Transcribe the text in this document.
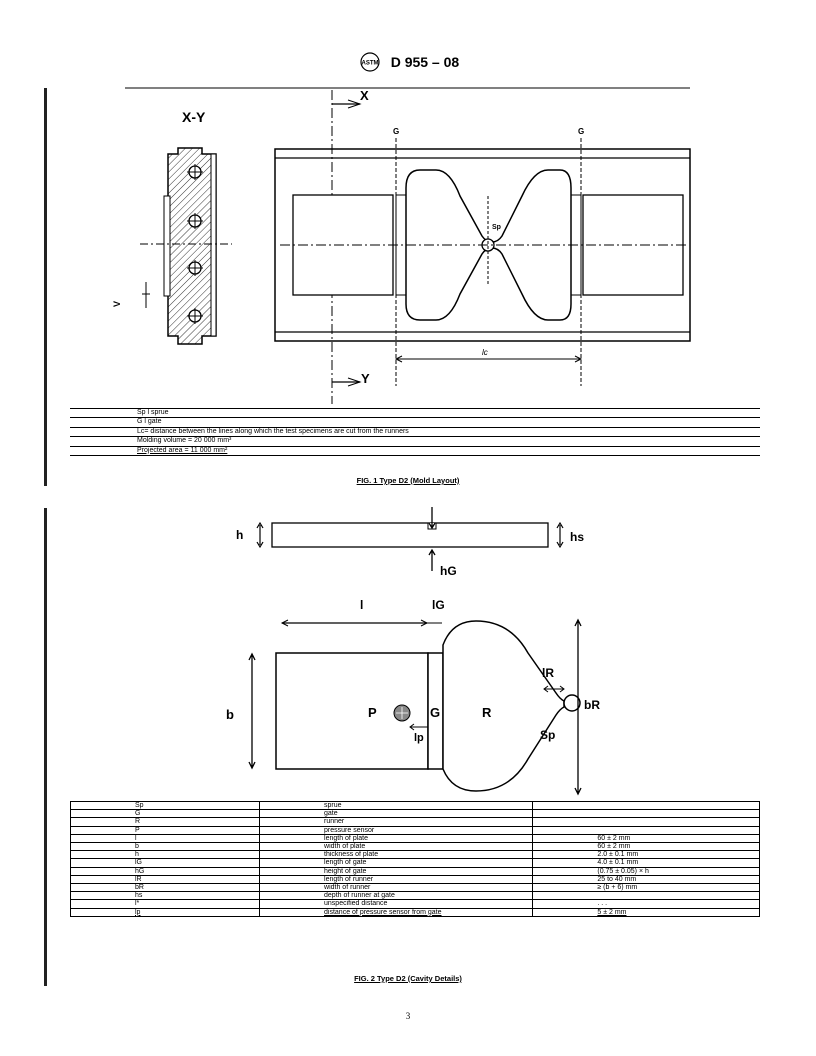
ASTM D 955 – 08
X-Y
X
Y
V
G	G
Sp
lc
Sp l sprue
G l gate
Lc= distance between the lines along which the test specimens are cut from the runners
Molding volume = 20 000 mm³
Projected area = 11 000 mm²
FIG. 1 Type D2 (Mold Layout)
h	hs
hG
l	lG
b
bR
P	G	R
lp
lR
Sp
Sp	sprue	
G	gate	
R	runner	
P	pressure sensor	
l	length of plate	60 ± 2 mm
b	width of plate	60 ± 2 mm
h	thickness of plate	2.0 ± 0.1 mm
lG	length of gate	4.0 ± 0.1 mm
hG	height of gate	(0.75 ± 0.05) × h
lR	length of runner	25 to 40 mm
bR	width of runner	≥ (b + 6) mm
hs	depth of runner at gate	
l*	unspecified distance	. . .
lp	distance of pressure sensor from gate	5 ± 2 mm
FIG. 2 Type D2 (Cavity Details)
3
